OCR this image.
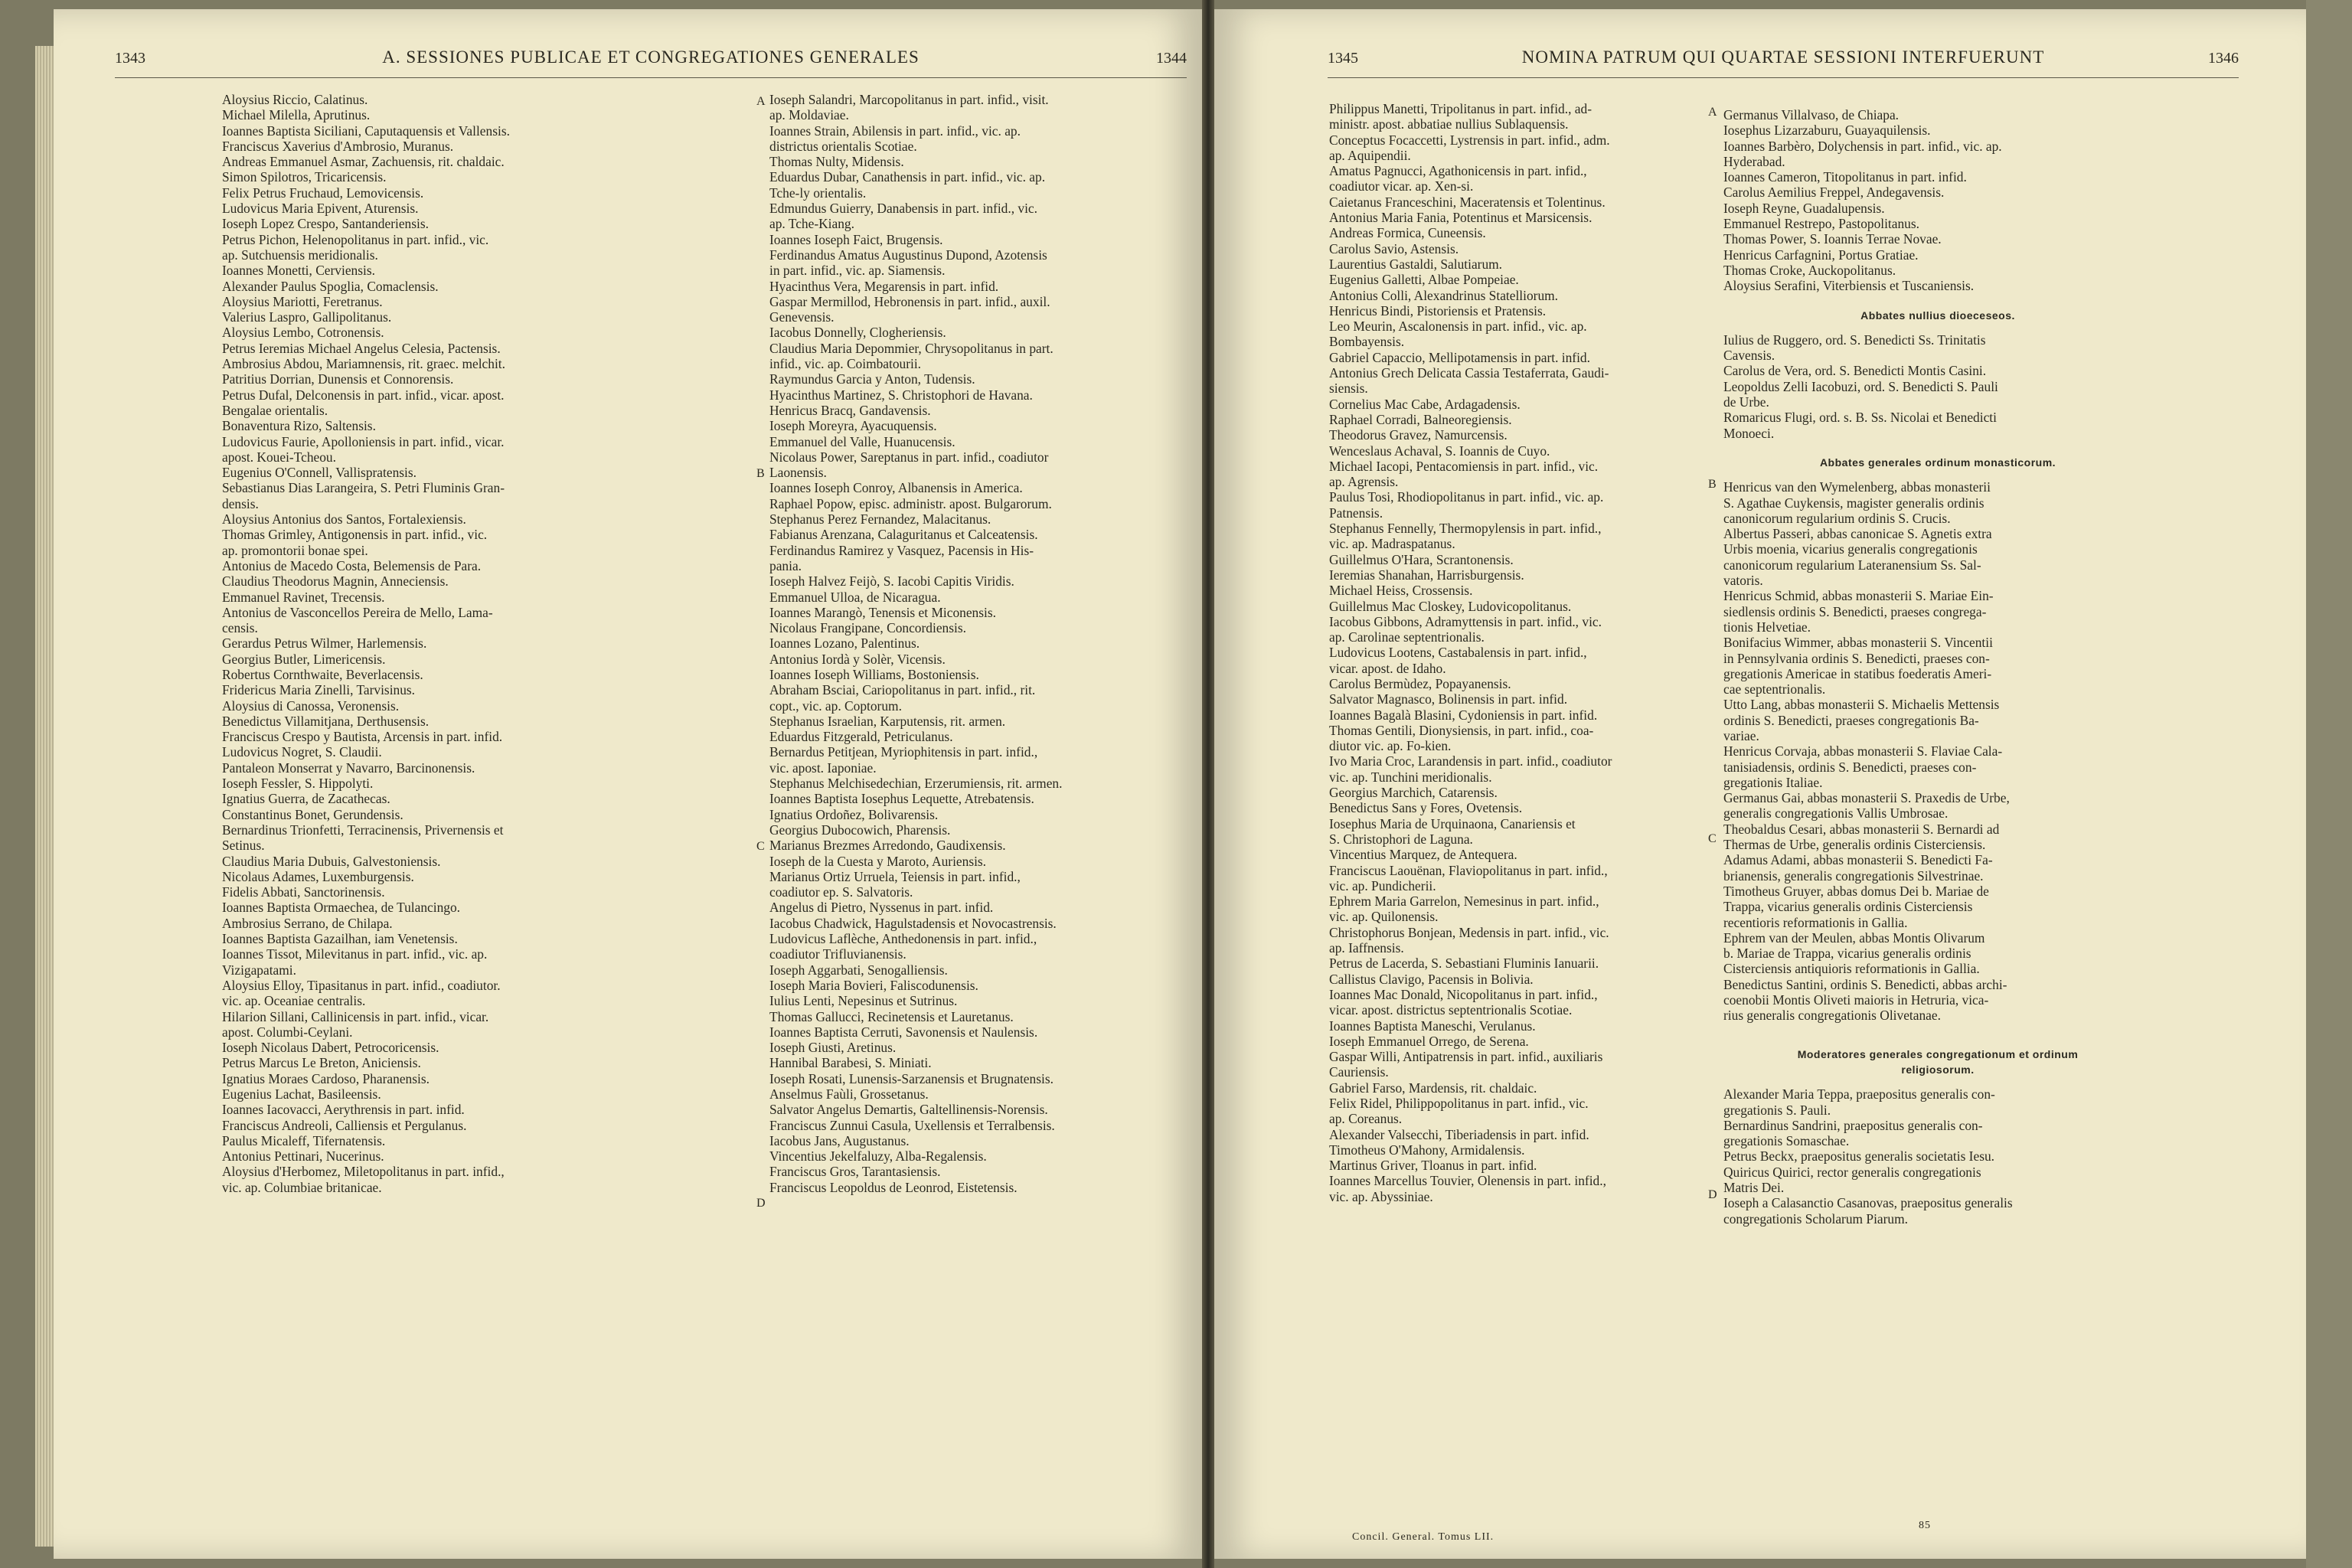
1343	A. SESSIONES PUBLICAE ET CONGREGATIONES GENERALES	1344

Aloysius Riccio, Calatinus.

Michael Milella, Aprutinus.

Ioannes Baptista Siciliani, Caputaquensis et Vallensis.

Franciscus Xaverius d'Ambrosio, Muranus.

Andreas Emmanuel Asmar, Zachuensis, rit. chaldaic.

Simon Spilotros, Tricaricensis.

Felix Petrus Fruchaud, Lemovicensis.

Ludovicus Maria Epivent, Aturensis.

Ioseph Lopez Crespo, Santanderiensis.

Petrus Pichon, Helenopolitanus in part. infid., vic.

ap. Sutchuensis meridionalis.

Ioannes Monetti, Cerviensis.

Alexander Paulus Spoglia, Comaclensis.

Aloysius Mariotti, Feretranus.

Valerius Laspro, Gallipolitanus.

Aloysius Lembo, Cotronensis.

Petrus Ieremias Michael Angelus Celesia, Pactensis.

Ambrosius Abdou, Mariamnensis, rit. graec. melchit.

Patritius Dorrian, Dunensis et Connorensis.

Petrus Dufal, Delconensis in part. infid., vicar. apost.

Bengalae orientalis.

Bonaventura Rizo, Saltensis.

Ludovicus Faurie, Apolloniensis in part. infid., vicar.

apost. Kouei-Tcheou.

Eugenius O'Connell, Vallispratensis.

Sebastianus Dias Larangeira, S. Petri Fluminis Gran-

densis.

Aloysius Antonius dos Santos, Fortalexiensis.

Thomas Grimley, Antigonensis in part. infid., vic.

ap. promontorii bonae spei.

Antonius de Macedo Costa, Belemensis de Para.

Claudius Theodorus Magnin, Anneciensis.

Emmanuel Ravinet, Trecensis.

Antonius de Vasconcellos Pereira de Mello, Lama-

censis.

Gerardus Petrus Wilmer, Harlemensis.

Georgius Butler, Limericensis.

Robertus Cornthwaite, Beverlacensis.

Fridericus Maria Zinelli, Tarvisinus.

Aloysius di Canossa, Veronensis.

Benedictus Villamitjana, Derthusensis.

Franciscus Crespo y Bautista, Arcensis in part. infid.

Ludovicus Nogret, S. Claudii.

Pantaleon Monserrat y Navarro, Barcinonensis.

Ioseph Fessler, S. Hippolyti.

Ignatius Guerra, de Zacathecas.

Constantinus Bonet, Gerundensis.

Bernardinus Trionfetti, Terracinensis, Privernensis et

Setinus.

Claudius Maria Dubuis, Galvestoniensis.

Nicolaus Adames, Luxemburgensis.

Fidelis Abbati, Sanctorinensis.

Ioannes Baptista Ormaechea, de Tulancingo.

Ambrosius Serrano, de Chilapa.

Ioannes Baptista Gazailhan, iam Venetensis.

Ioannes Tissot, Milevitanus in part. infid., vic. ap.

Vizigapatami.

Aloysius Elloy, Tipasitanus in part. infid., coadiutor.

vic. ap. Oceaniae centralis.

Hilarion Sillani, Callinicensis in part. infid., vicar.

apost. Columbi-Ceylani.

Ioseph Nicolaus Dabert, Petrocoricensis.

Petrus Marcus Le Breton, Aniciensis.

Ignatius Moraes Cardoso, Pharanensis.

Eugenius Lachat, Basileensis.

Ioannes Iacovacci, Aerythrensis in part. infid.

Franciscus Andreoli, Calliensis et Pergulanus.

Paulus Micaleff, Tifernatensis.

Antonius Pettinari, Nucerinus.

Aloysius d'Herbomez, Miletopolitanus in part. infid.,

vic. ap. Columbiae britanicae.

Ioseph Salandri, Marcopolitanus in part. infid., visit.

ap. Moldaviae.

Ioannes Strain, Abilensis in part. infid., vic. ap.

districtus orientalis Scotiae.

Thomas Nulty, Midensis.

Eduardus Dubar, Canathensis in part. infid., vic. ap.

Tche-ly orientalis.

Edmundus Guierry, Danabensis in part. infid., vic.

ap. Tche-Kiang.

Ioannes Ioseph Faict, Brugensis.

Ferdinandus Amatus Augustinus Dupond, Azotensis

in part. infid., vic. ap. Siamensis.

Hyacinthus Vera, Megarensis in part. infid.

Gaspar Mermillod, Hebronensis in part. infid., auxil.

Genevensis.

Iacobus Donnelly, Clogheriensis.

Claudius Maria Depommier, Chrysopolitanus in part.

infid., vic. ap. Coimbatourii.

Raymundus Garcia y Anton, Tudensis.

Hyacinthus Martinez, S. Christophori de Havana.

Henricus Bracq, Gandavensis.

Ioseph Moreyra, Ayacuquensis.

Emmanuel del Valle, Huanucensis.

Nicolaus Power, Sareptanus in part. infid., coadiutor

Laonensis.

Ioannes Ioseph Conroy, Albanensis in America.

Raphael Popow, episc. administr. apost. Bulgarorum.

Stephanus Perez Fernandez, Malacitanus.

Fabianus Arenzana, Calaguritanus et Calceatensis.

Ferdinandus Ramirez y Vasquez, Pacensis in His-

pania.

Ioseph Halvez Feijò, S. Iacobi Capitis Viridis.

Emmanuel Ulloa, de Nicaragua.

Ioannes Marangò, Tenensis et Miconensis.

Nicolaus Frangipane, Concordiensis.

Ioannes Lozano, Palentinus.

Antonius Iordà y Solèr, Vicensis.

Ioannes Ioseph Williams, Bostoniensis.

Abraham Bsciai, Cariopolitanus in part. infid., rit.

copt., vic. ap. Coptorum.

Stephanus Israelian, Karputensis, rit. armen.

Eduardus Fitzgerald, Petriculanus.

Bernardus Petitjean, Myriophitensis in part. infid.,

vic. apost. Iaponiae.

Stephanus Melchisedechian, Erzerumiensis, rit. armen.

Ioannes Baptista Iosephus Lequette, Atrebatensis.

Ignatius Ordoñez, Bolivarensis.

Georgius Dubocowich, Pharensis.

Marianus Brezmes Arredondo, Gaudixensis.

Ioseph de la Cuesta y Maroto, Auriensis.

Marianus Ortiz Urruela, Teiensis in part. infid.,

coadiutor ep. S. Salvatoris.

Angelus di Pietro, Nyssenus in part. infid.

Iacobus Chadwick, Hagulstadensis et Novocastrensis.

Ludovicus Laflèche, Anthedonensis in part. infid.,

coadiutor Trifluvianensis.

Ioseph Aggarbati, Senogalliensis.

Ioseph Maria Bovieri, Faliscodunensis.

Iulius Lenti, Nepesinus et Sutrinus.

Thomas Gallucci, Recinetensis et Lauretanus.

Ioannes Baptista Cerruti, Savonensis et Naulensis.

Ioseph Giusti, Aretinus.

Hannibal Barabesi, S. Miniati.

Ioseph Rosati, Lunensis-Sarzanensis et Brugnatensis.

Anselmus Faùli, Grossetanus.

Salvator Angelus Demartis, Galtellinensis-Norensis.

Franciscus Zunnui Casula, Uxellensis et Terralbensis.

Iacobus Jans, Augustanus.

Vincentius Jekelfaluzy, Alba-Regalensis.

Franciscus Gros, Tarantasiensis.

Franciscus Leopoldus de Leonrod, Eistetensis.

A
B
C
D
1345	NOMINA PATRUM QUI QUARTAE SESSIONI INTERFUERUNT	1346

Philippus Manetti, Tripolitanus in part. infid., ad-

ministr. apost. abbatiae nullius Sublaquensis.

Conceptus Focaccetti, Lystrensis in part. infid., adm.

ap. Aquipendii.

Amatus Pagnucci, Agathonicensis in part. infid.,

coadiutor vicar. ap. Xen-si.

Caietanus Franceschini, Maceratensis et Tolentinus.

Antonius Maria Fania, Potentinus et Marsicensis.

Andreas Formica, Cuneensis.

Carolus Savio, Astensis.

Laurentius Gastaldi, Salutiarum.

Eugenius Galletti, Albae Pompeiae.

Antonius Colli, Alexandrinus Statelliorum.

Henricus Bindi, Pistoriensis et Pratensis.

Leo Meurin, Ascalonensis in part. infid., vic. ap.

Bombayensis.

Gabriel Capaccio, Mellipotamensis in part. infid.

Antonius Grech Delicata Cassia Testaferrata, Gaudi-

siensis.

Cornelius Mac Cabe, Ardagadensis.

Raphael Corradi, Balneoregiensis.

Theodorus Gravez, Namurcensis.

Wenceslaus Achaval, S. Ioannis de Cuyo.

Michael Iacopi, Pentacomiensis in part. infid., vic.

ap. Agrensis.

Paulus Tosi, Rhodiopolitanus in part. infid., vic. ap.

Patnensis.

Stephanus Fennelly, Thermopylensis in part. infid.,

vic. ap. Madraspatanus.

Guillelmus O'Hara, Scrantonensis.

Ieremias Shanahan, Harrisburgensis.

Michael Heiss, Crossensis.

Guillelmus Mac Closkey, Ludovicopolitanus.

Iacobus Gibbons, Adramyttensis in part. infid., vic.

ap. Carolinae septentrionalis.

Ludovicus Lootens, Castabalensis in part. infid.,

vicar. apost. de Idaho.

Carolus Bermùdez, Popayanensis.

Salvator Magnasco, Bolinensis in part. infid.

Ioannes Bagalà Blasini, Cydoniensis in part. infid.

Thomas Gentili, Dionysiensis, in part. infid., coa-

diutor vic. ap. Fo-kien.

Ivo Maria Croc, Larandensis in part. infid., coadiutor

vic. ap. Tunchini meridionalis.

Georgius Marchich, Catarensis.

Benedictus Sans y Fores, Ovetensis.

Iosephus Maria de Urquinaona, Canariensis et

S. Christophori de Laguna.

Vincentius Marquez, de Antequera.

Franciscus Laouënan, Flaviopolitanus in part. infid.,

vic. ap. Pundicherii.

Ephrem Maria Garrelon, Nemesinus in part. infid.,

vic. ap. Quilonensis.

Christophorus Bonjean, Medensis in part. infid., vic.

ap. Iaffnensis.

Petrus de Lacerda, S. Sebastiani Fluminis Ianuarii.

Callistus Clavigo, Pacensis in Bolivia.

Ioannes Mac Donald, Nicopolitanus in part. infid.,

vicar. apost. districtus septentrionalis Scotiae.

Ioannes Baptista Maneschi, Verulanus.

Ioseph Emmanuel Orrego, de Serena.

Gaspar Willi, Antipatrensis in part. infid., auxiliaris

Cauriensis.

Gabriel Farso, Mardensis, rit. chaldaic.

Felix Ridel, Philippopolitanus in part. infid., vic.

ap. Coreanus.

Alexander Valsecchi, Tiberiadensis in part. infid.

Timotheus O'Mahony, Armidalensis.

Martinus Griver, Tloanus in part. infid.

Ioannes Marcellus Touvier, Olenensis in part. infid.,

vic. ap. Abyssiniae.

Germanus Villalvaso, de Chiapa.

Iosephus Lizarzaburu, Guayaquilensis.

Ioannes Barbèro, Dolychensis in part. infid., vic. ap.

Hyderabad.

Ioannes Cameron, Titopolitanus in part. infid.

Carolus Aemilius Freppel, Andegavensis.

Ioseph Reyne, Guadalupensis.

Emmanuel Restrepo, Pastopolitanus.

Thomas Power, S. Ioannis Terrae Novae.

Henricus Carfagnini, Portus Gratiae.

Thomas Croke, Auckopolitanus.

Aloysius Serafini, Viterbiensis et Tuscaniensis.

Abbates nullius dioeceseos.

Iulius de Ruggero, ord. S. Benedicti Ss. Trinitatis

Cavensis.

Carolus de Vera, ord. S. Benedicti Montis Casini.

Leopoldus Zelli Iacobuzi, ord. S. Benedicti S. Pauli

de Urbe.

Romaricus Flugi, ord. s. B. Ss. Nicolai et Benedicti

Monoeci.

Abbates generales ordinum monasticorum.

Henricus van den Wymelenberg, abbas monasterii

S. Agathae Cuykensis, magister generalis ordinis

canonicorum regularium ordinis S. Crucis.

Albertus Passeri, abbas canonicae S. Agnetis extra

Urbis moenia, vicarius generalis congregationis

canonicorum regularium Lateranensium Ss. Sal-

vatoris.

Henricus Schmid, abbas monasterii S. Mariae Ein-

siedlensis ordinis S. Benedicti, praeses congrega-

tionis Helvetiae.

Bonifacius Wimmer, abbas monasterii S. Vincentii

in Pennsylvania ordinis S. Benedicti, praeses con-

gregationis Americae in statibus foederatis Ameri-

cae septentrionalis.

Utto Lang, abbas monasterii S. Michaelis Mettensis

ordinis S. Benedicti, praeses congregationis Ba-

variae.

Henricus Corvaja, abbas monasterii S. Flaviae Cala-

tanisiadensis, ordinis S. Benedicti, praeses con-

gregationis Italiae.

Germanus Gai, abbas monasterii S. Praxedis de Urbe,

generalis congregationis Vallis Umbrosae.

Theobaldus Cesari, abbas monasterii S. Bernardi ad

Thermas de Urbe, generalis ordinis Cisterciensis.

Adamus Adami, abbas monasterii S. Benedicti Fa-

brianensis, generalis congregationis Silvestrinae.

Timotheus Gruyer, abbas domus Dei b. Mariae de

Trappa, vicarius generalis ordinis Cisterciensis

recentioris reformationis in Gallia.

Ephrem van der Meulen, abbas Montis Olivarum

b. Mariae de Trappa, vicarius generalis ordinis

Cisterciensis antiquioris reformationis in Gallia.

Benedictus Santini, ordinis S. Benedicti, abbas archi-

coenobii Montis Oliveti maioris in Hetruria, vica-

rius generalis congregationis Olivetanae.

Moderatores generales congregationum et ordinum religiosorum.

Alexander Maria Teppa, praepositus generalis con-

gregationis S. Pauli.

Bernardinus Sandrini, praepositus generalis con-

gregationis Somaschae.

Petrus Beckx, praepositus generalis societatis Iesu.

Quiricus Quirici, rector generalis congregationis

Matris Dei.

Ioseph a Calasanctio Casanovas, praepositus generalis

congregationis Scholarum Piarum.

A
B
C
D
Concil. General. Tomus LII.
85
